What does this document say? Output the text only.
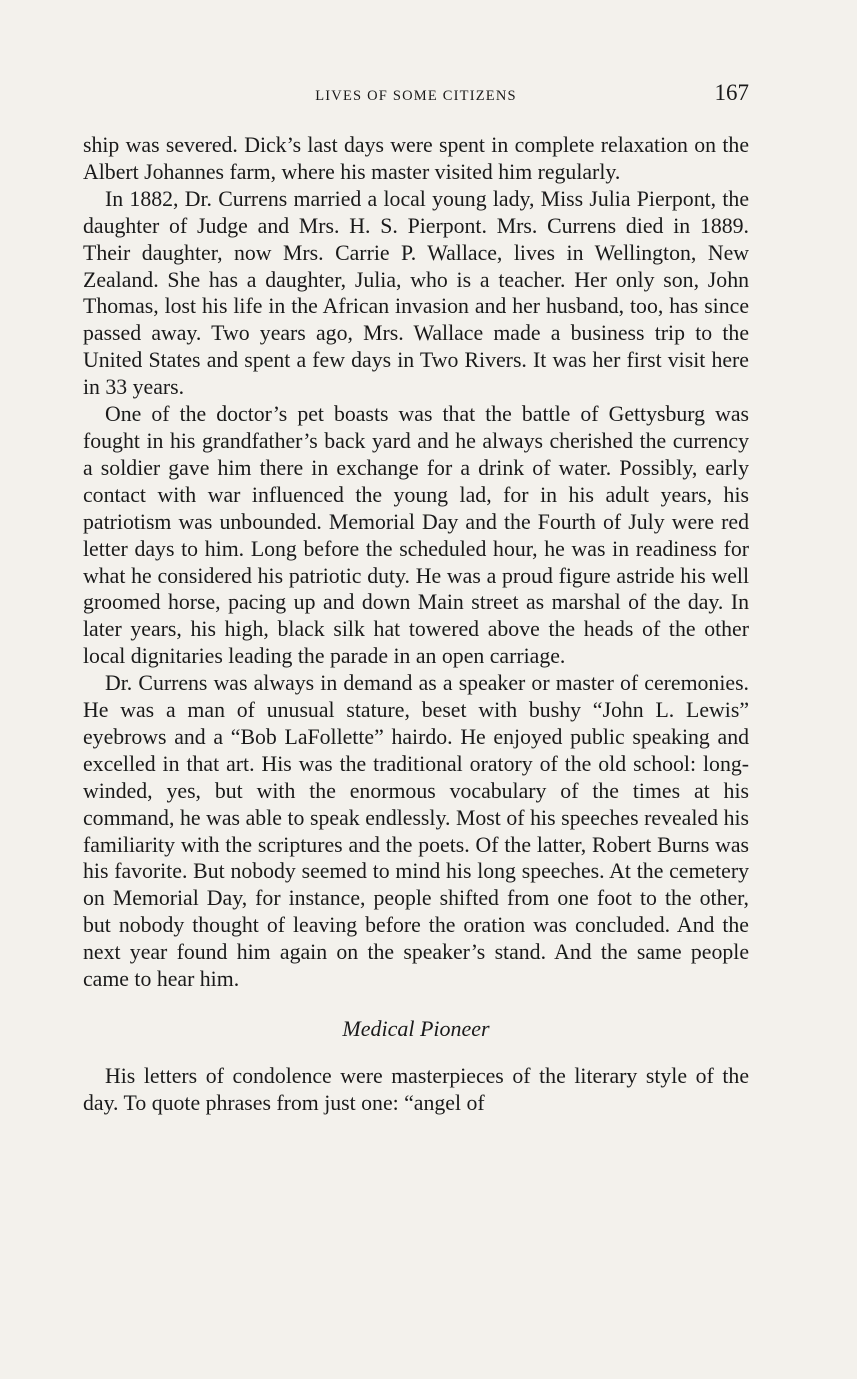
LIVES OF SOME CITIZENS	167

ship was severed. Dick’s last days were spent in complete relaxation on the Albert Johannes farm, where his master visited him regularly.

In 1882, Dr. Currens married a local young lady, Miss Julia Pierpont, the daughter of Judge and Mrs. H. S. Pierpont. Mrs. Currens died in 1889. Their daughter, now Mrs. Carrie P. Wallace, lives in Wellington, New Zealand. She has a daughter, Julia, who is a teacher. Her only son, John Thomas, lost his life in the African invasion and her husband, too, has since passed away. Two years ago, Mrs. Wallace made a business trip to the United States and spent a few days in Two Rivers. It was her first visit here in 33 years.

One of the doctor’s pet boasts was that the battle of Gettysburg was fought in his grandfather’s back yard and he always cherished the currency a soldier gave him there in exchange for a drink of water. Possibly, early contact with war influenced the young lad, for in his adult years, his patriotism was unbounded. Memorial Day and the Fourth of July were red letter days to him. Long before the scheduled hour, he was in readiness for what he considered his patriotic duty. He was a proud figure astride his well groomed horse, pacing up and down Main street as marshal of the day. In later years, his high, black silk hat towered above the heads of the other local dignitaries leading the parade in an open carriage.

Dr. Currens was always in demand as a speaker or master of ceremonies. He was a man of unusual stature, beset with bushy “John L. Lewis” eyebrows and a “Bob LaFollette” hairdo. He enjoyed public speaking and excelled in that art. His was the traditional oratory of the old school: long-winded, yes, but with the enormous vocabulary of the times at his command, he was able to speak endlessly. Most of his speeches revealed his familiarity with the scriptures and the poets. Of the latter, Robert Burns was his favorite. But nobody seemed to mind his long speeches. At the cemetery on Memorial Day, for instance, people shifted from one foot to the other, but nobody thought of leaving before the oration was concluded. And the next year found him again on the speaker’s stand. And the same people came to hear him.

Medical Pioneer

His letters of condolence were masterpieces of the literary style of the day. To quote phrases from just one: “angel of
